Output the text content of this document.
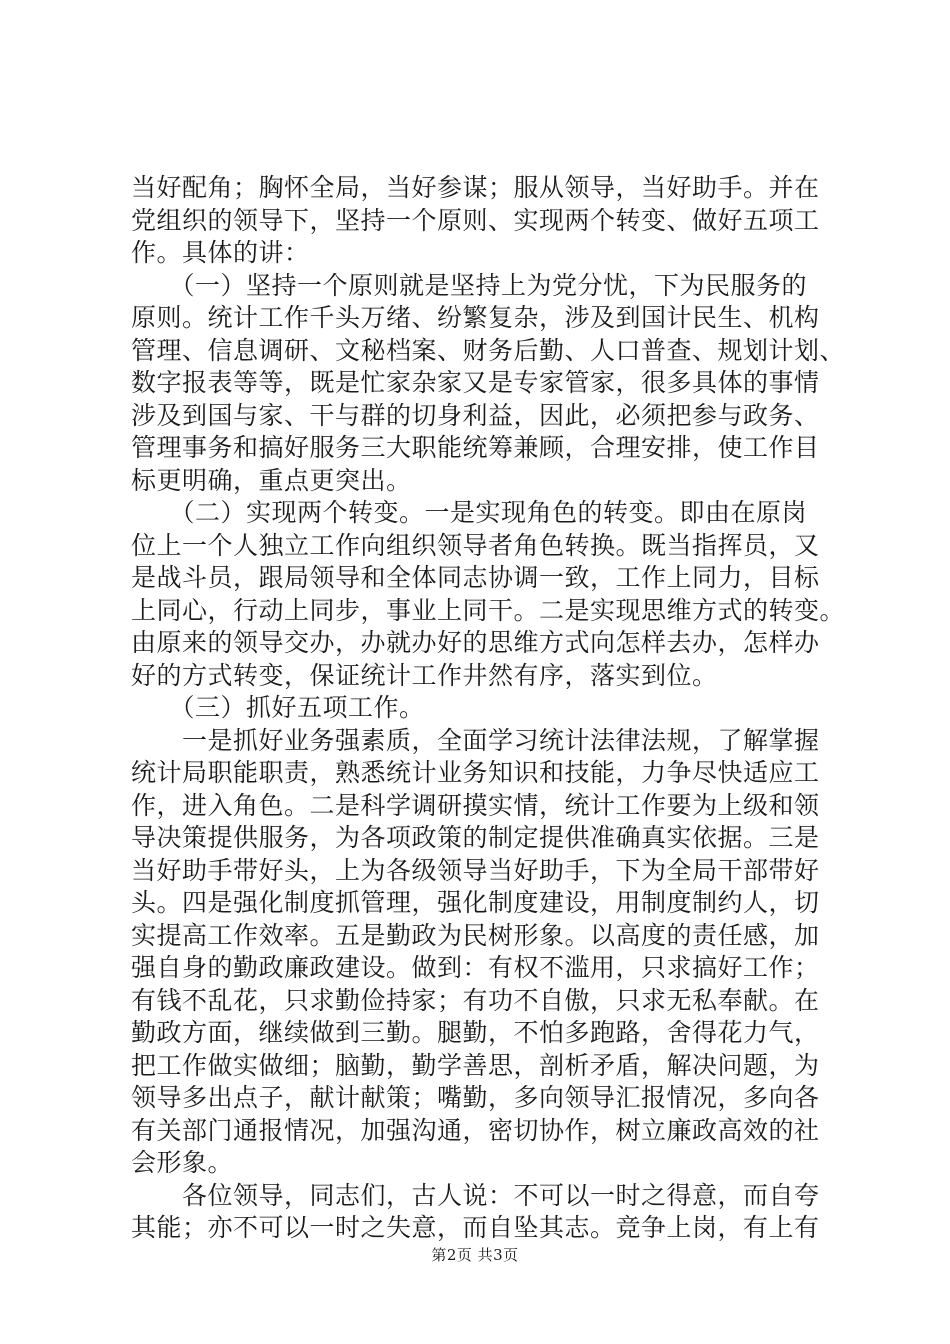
当好配角；胸怀全局，当好参谋；服从领导，当好助手。并在
党组织的领导下，坚持一个原则、实现两个转变、做好五项工
作。具体的讲：
　　（一）坚持一个原则就是坚持上为党分忧，下为民服务的
原则。统计工作千头万绪、纷繁复杂，涉及到国计民生、机构
管理、信息调研、文秘档案、财务后勤、人口普查、规划计划、
数字报表等等，既是忙家杂家又是专家管家，很多具体的事情
涉及到国与家、干与群的切身利益，因此，必须把参与政务、
管理事务和搞好服务三大职能统筹兼顾，合理安排，使工作目
标更明确，重点更突出。
　　（二）实现两个转变。一是实现角色的转变。即由在原岗
位上一个人独立工作向组织领导者角色转换。既当指挥员，又
是战斗员，跟局领导和全体同志协调一致，工作上同力，目标
上同心，行动上同步，事业上同干。二是实现思维方式的转变。
由原来的领导交办，办就办好的思维方式向怎样去办，怎样办
好的方式转变，保证统计工作井然有序，落实到位。
　　（三）抓好五项工作。
　　一是抓好业务强素质，全面学习统计法律法规，了解掌握
统计局职能职责，熟悉统计业务知识和技能，力争尽快适应工
作，进入角色。二是科学调研摸实情，统计工作要为上级和领
导决策提供服务，为各项政策的制定提供准确真实依据。三是
当好助手带好头，上为各级领导当好助手，下为全局干部带好
头。四是强化制度抓管理，强化制度建设，用制度制约人，切
实提高工作效率。五是勤政为民树形象。以高度的责任感，加
强自身的勤政廉政建设。做到：有权不滥用，只求搞好工作；
有钱不乱花，只求勤俭持家；有功不自傲，只求无私奉献。在
勤政方面，继续做到三勤。腿勤，不怕多跑路，舍得花力气，
把工作做实做细；脑勤，勤学善思，剖析矛盾，解决问题，为
领导多出点子，献计献策；嘴勤，多向领导汇报情况，多向各
有关部门通报情况，加强沟通，密切协作，树立廉政高效的社
会形象。
　　各位领导，同志们，古人说：不可以一时之得意，而自夸
其能；亦不可以一时之失意，而自坠其志。竞争上岗，有上有
第2页 共3页
